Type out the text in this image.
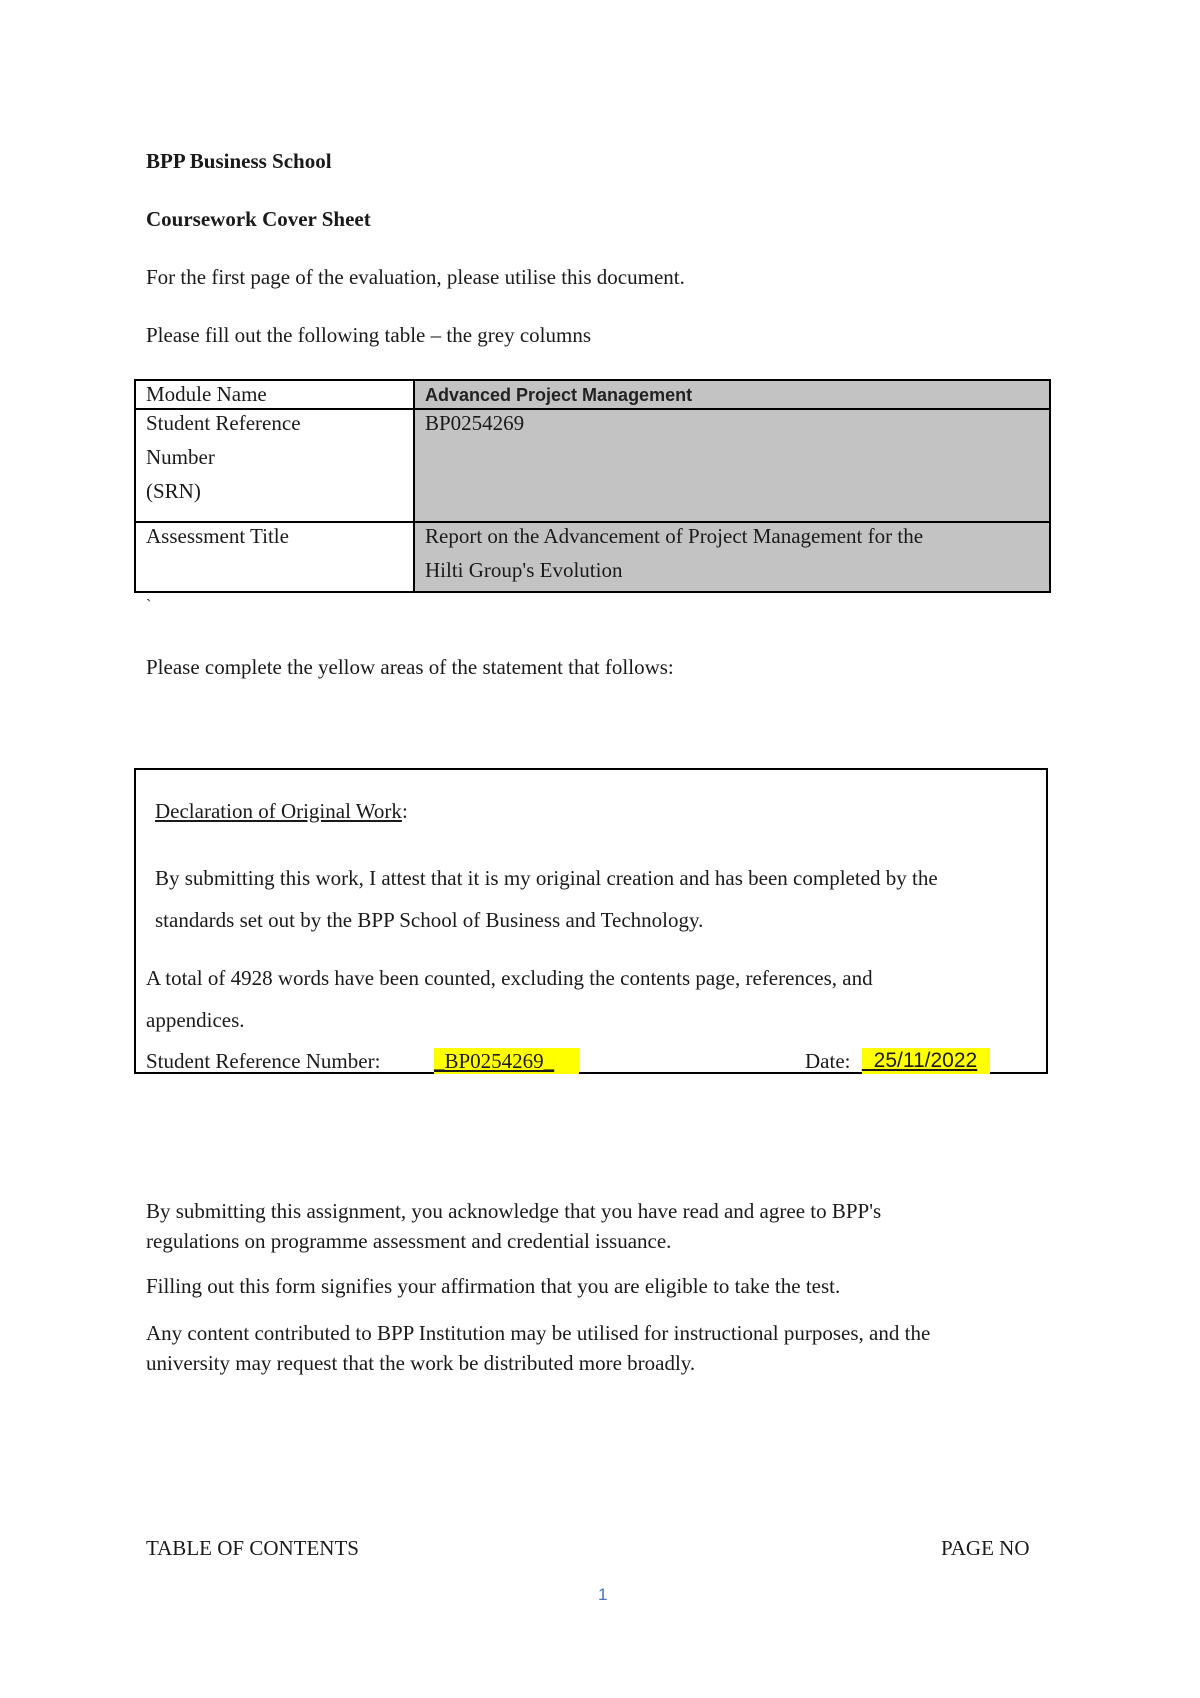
BPP Business School
Coursework Cover Sheet
For the first page of the evaluation, please utilise this document.
Please fill out the following table – the grey columns
Module Name	Advanced Project Management

Student Reference
Number
(SRN)	BP0254269

Assessment Title	Report on the Advancement of Project Management for the
Hilti Group's Evolution
`
Please complete the yellow areas of the statement that follows:
Declaration of Original Work:
By submitting this work, I attest that it is my original creation and has been completed by the
standards set out by the BPP School of Business and Technology.
A total of 4928 words have been counted, excluding the contents page, references, and
appendices.
Student Reference Number:	_BP0254269_	Date: _25/11/2022
By submitting this assignment, you acknowledge that you have read and agree to BPP's
regulations on programme assessment and credential issuance.
Filling out this form signifies your affirmation that you are eligible to take the test.
Any content contributed to BPP Institution may be utilised for instructional purposes, and the
university may request that the work be distributed more broadly.
TABLE OF CONTENTS	PAGE NO
1
